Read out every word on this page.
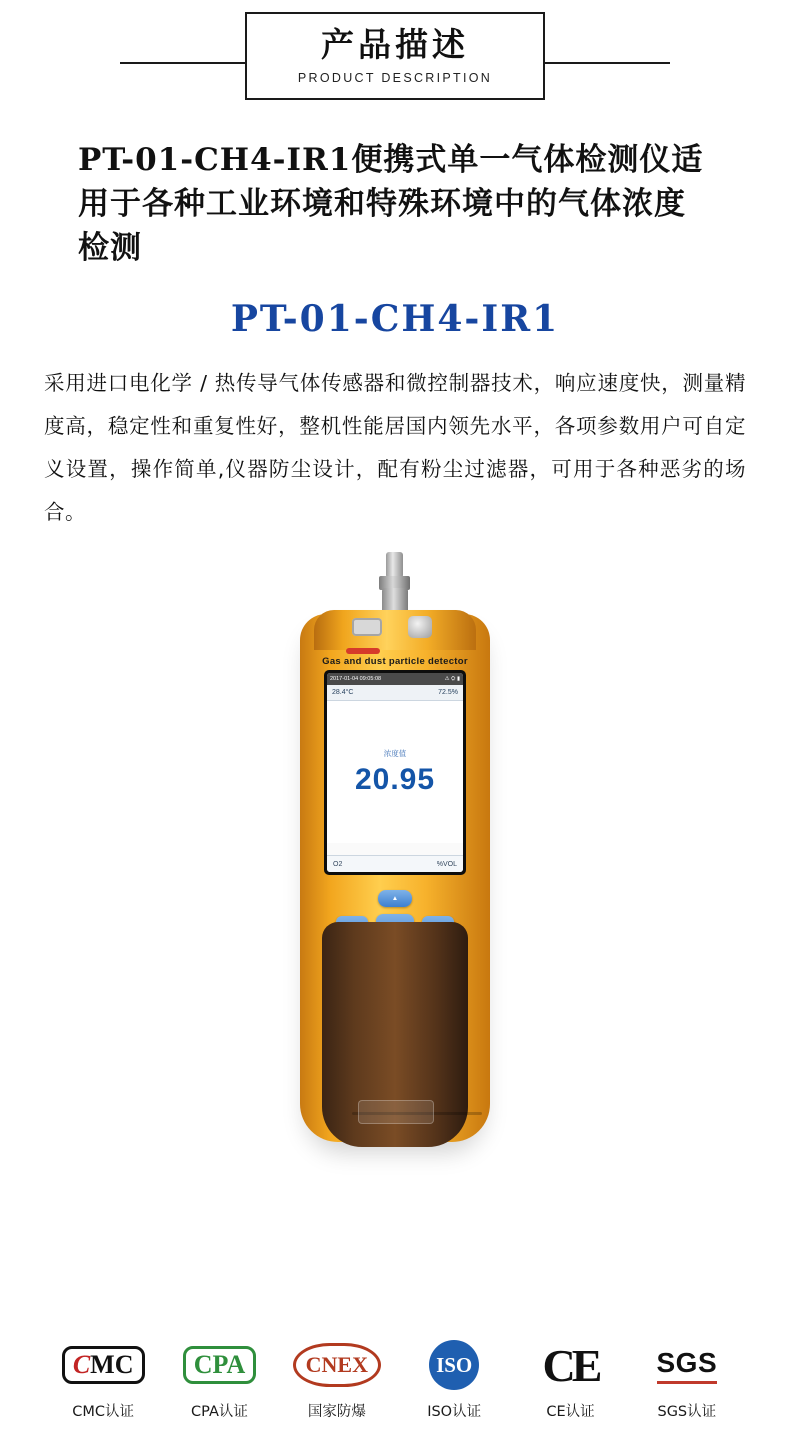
产品描述
PRODUCT DESCRIPTION
PT-01-CH4-IR1便携式单一气体检测仪适用于各种工业环境和特殊环境中的气体浓度检测
PT-01-CH4-IR1
采用进口电化学 / 热传导气体传感器和微控制器技术，响应速度快，测量精度高，稳定性和重复性好，整机性能居国内领先水平，各项参数用户可自定义设置，操作简单,仪器防尘设计，配有粉尘过滤器，可用于各种恶劣的场合。
Gas and dust particle detector
2017-01-04 09:05:08	⚠ ⛭ ▮
28.4°C	72.5%
浓度值
20.95
O2	%VOL
▲
CMC
CMC认证
CPA
CPA认证
CNEX
国家防爆
ISO
ISO认证
CE
CE认证
SGS
SGS认证
